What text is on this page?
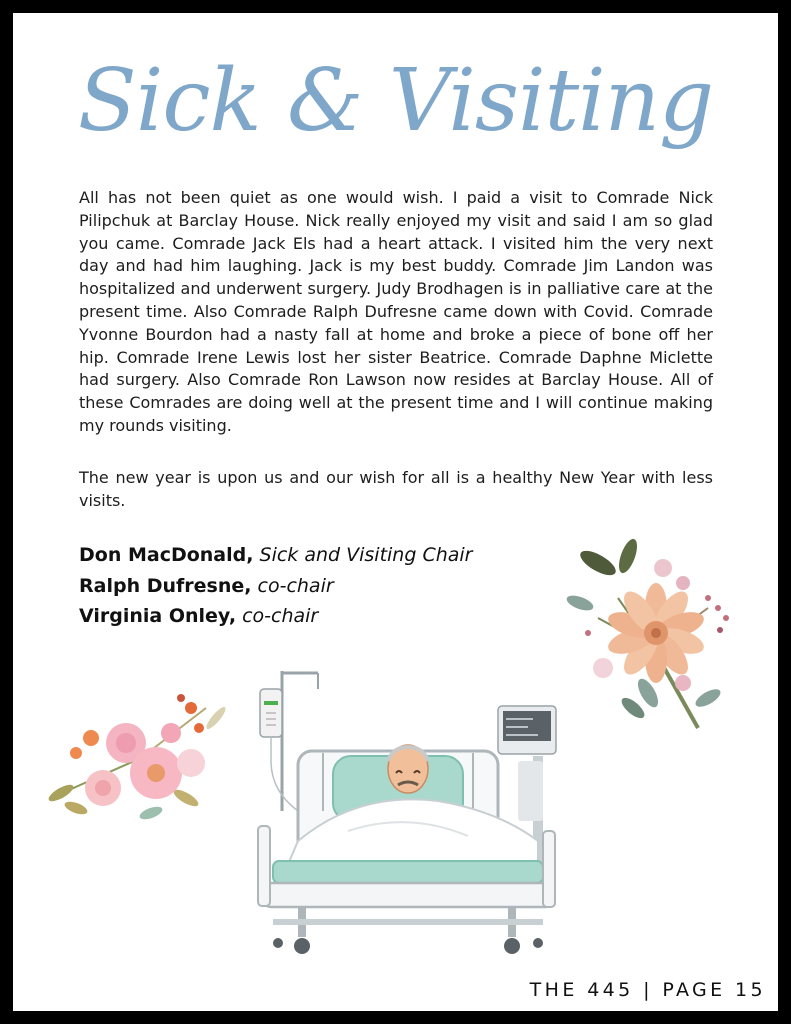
Sick & Visiting

All has not been quiet as one would wish. I paid a visit to Comrade Nick Pilipchuk at Barclay House. Nick really enjoyed my visit and said I am so glad you came. Comrade Jack Els had a heart attack. I visited him the very next day and had him laughing. Jack is my best buddy. Comrade Jim Landon was hospitalized and underwent surgery. Judy Brodhagen is in palliative care at the present time. Also Comrade Ralph Dufresne came down with Covid. Comrade Yvonne Bourdon had a nasty fall at home and broke a piece of bone off her hip. Comrade Irene Lewis lost her sister Beatrice. Comrade Daphne Miclette had surgery. Also Comrade Ron Lawson now resides at Barclay House. All of these Comrades are doing well at the present time and I will continue making my rounds visiting.

The new year is upon us and our wish for all is a healthy New Year with less visits.

Don MacDonald, Sick and Visiting Chair
Ralph Dufresne, co-chair
Virginia Onley, co-chair
THE 445 | PAGE 15
